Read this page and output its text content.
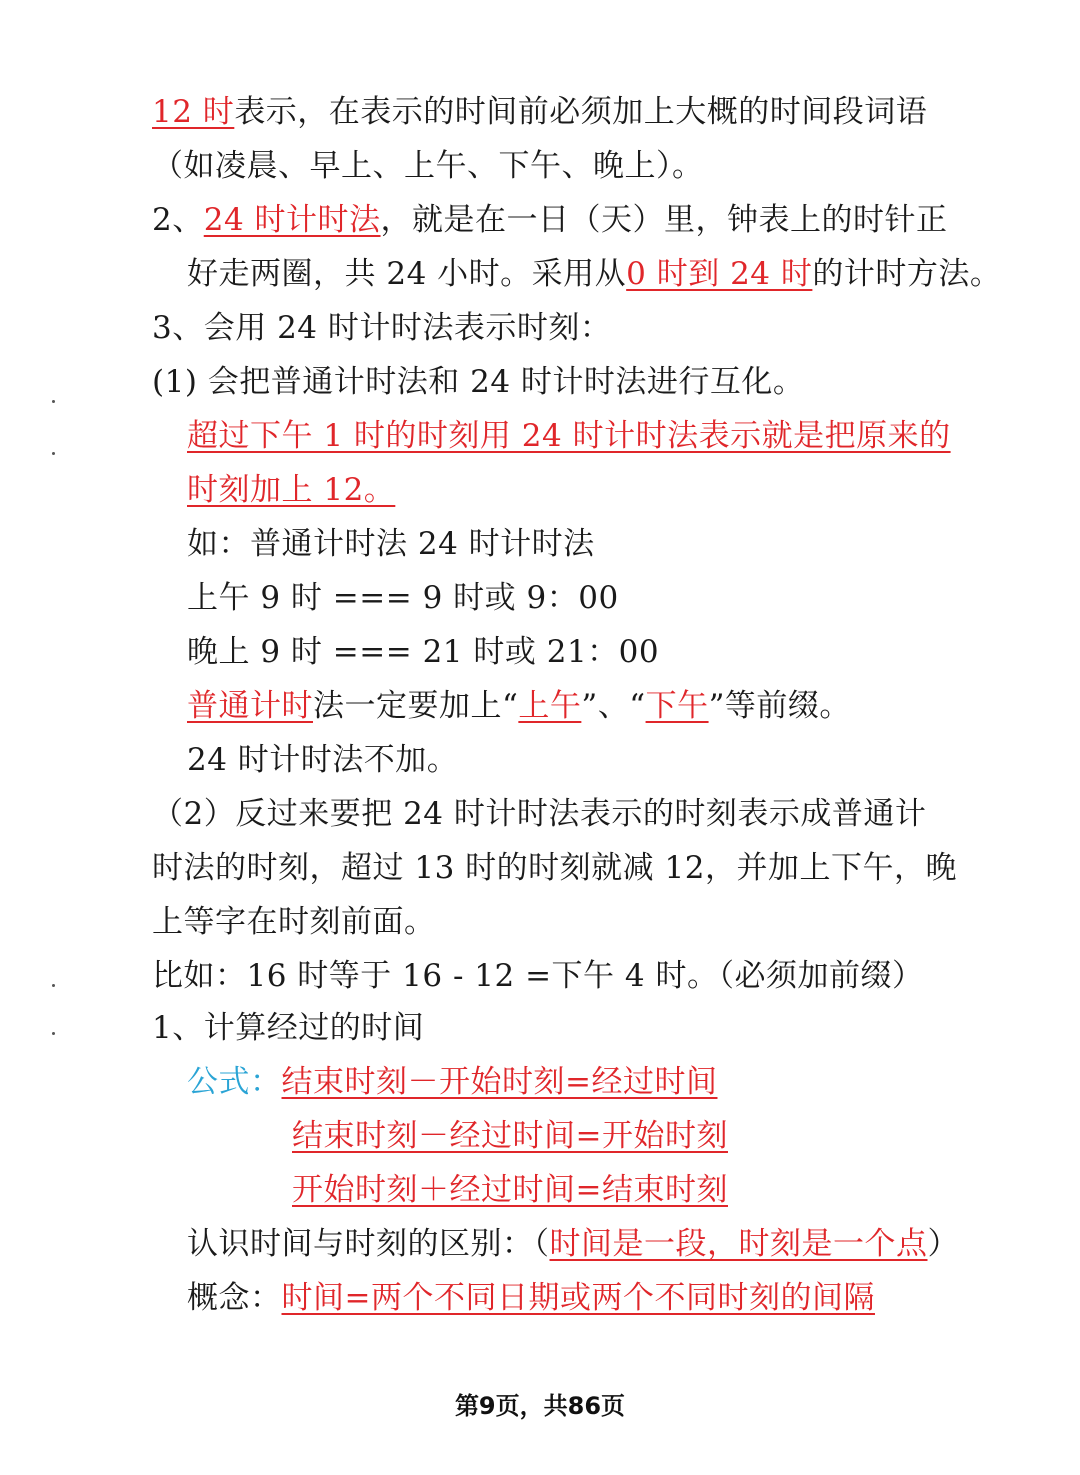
12 时表示，在表示的时间前必须加上大概的时间段词语
（如凌晨、早上、上午、下午、晚上）。
2、24 时计时法，就是在一日（天）里，钟表上的时针正
好走两圈，共 24 小时。采用从0 时到 24 时的计时方法。
3、会用 24 时计时法表示时刻：
(1) 会把普通计时法和 24 时计时法进行互化。
超过下午 1 时的时刻用 24 时计时法表示就是把原来的
时刻加上 12。
如：普通计时法 24 时计时法
上午 9 时 === 9 时或 9：00
晚上 9 时 === 21 时或 21：00
普通计时法一定要加上“上午”、“下午”等前缀。
24 时计时法不加。
（2）反过来要把 24 时计时法表示的时刻表示成普通计
时法的时刻，超过 13 时的时刻就减 12，并加上下午，晚
上等字在时刻前面。
比如：16 时等于 16 - 12 =下午 4 时。（必须加前缀）
1、计算经过的时间
公式：结束时刻－开始时刻=经过时间
结束时刻－经过时间=开始时刻
开始时刻＋经过时间=结束时刻
认识时间与时刻的区别：（时间是一段，时刻是一个点）
概念：时间=两个不同日期或两个不同时刻的间隔
第9页，共86页
